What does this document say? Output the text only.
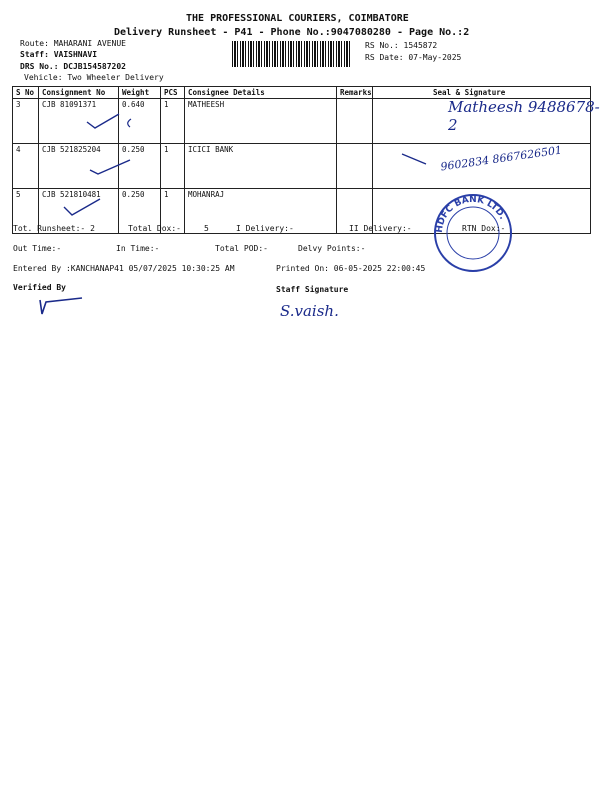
THE PROFESSIONAL COURIERS, COIMBATORE
Delivery Runsheet - P41 - Phone No.:9047080280 - Page No.:2
Route: MAHARANI AVENUE
Staff: VAISHNAVI
DRS No.: DCJB154587202
Vehicle: Two Wheeler Delivery
RS No.: 1545872
RS Date: 07-May-2025
S No	Consignment No	Weight	PCS	Consignee Details	Remarks	Seal & Signature
3	CJB 81091371	0.640	1	MATHEESH		
4	CJB 521825204	0.250	1	ICICI BANK		
5	CJB 521810481	0.250	1	MOHANRAJ		
Matheesh 9488678-2
9602834 8667626501
HDFC BANK LTD.
Tot. Runsheet:- 2	Total Dox:-	5	I Delivery:-	II Delivery:-	RTN Dox:-
Out Time:-	In Time:-	Total POD:-	Delvy Points:-
Entered By :KANCHANAP41 05/07/2025 10:30:25 AM	Printed On: 06-05-2025 22:00:45
Verified By	Staff Signature
S.vaish.
